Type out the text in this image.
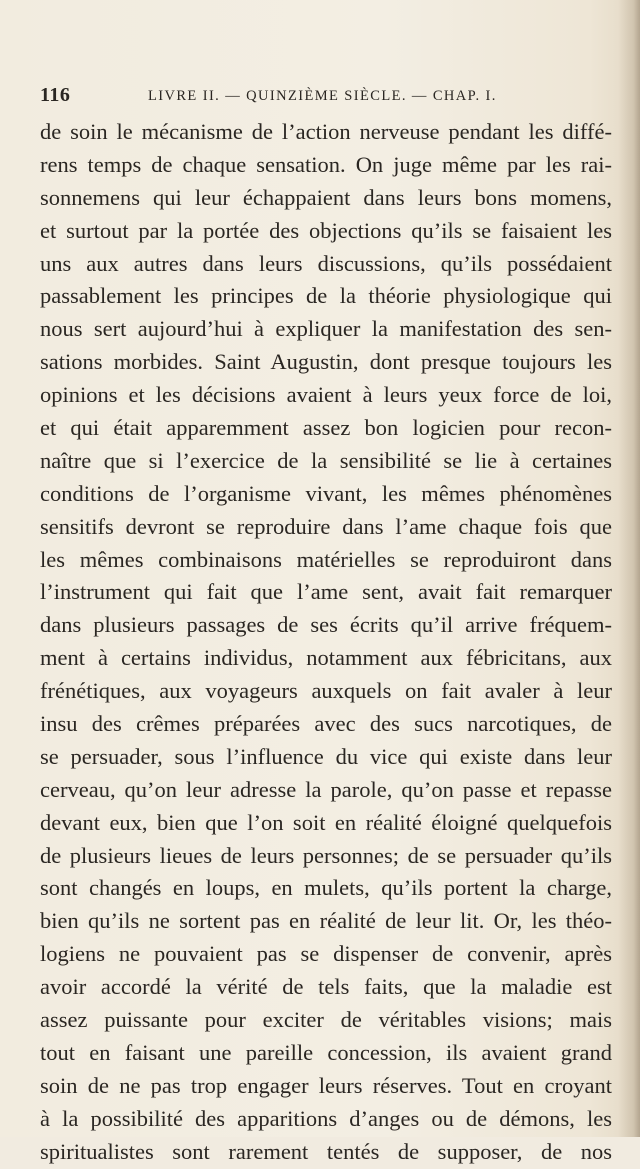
116	LIVRE II. — QUINZIÈME SIÈCLE. — CHAP. I.
de soin le mécanisme de l’action nerveuse pendant les diffé-
rens temps de chaque sensation. On juge même par les rai-
sonnemens qui leur échappaient dans leurs bons momens,
et surtout par la portée des objections qu’ils se faisaient les
uns aux autres dans leurs discussions, qu’ils possédaient
passablement les principes de la théorie physiologique qui
nous sert aujourd’hui à expliquer la manifestation des sen-
sations morbides. Saint Augustin, dont presque toujours les
opinions et les décisions avaient à leurs yeux force de loi,
et qui était apparemment assez bon logicien pour recon-
naître que si l’exercice de la sensibilité se lie à certaines
conditions de l’organisme vivant, les mêmes phénomènes
sensitifs devront se reproduire dans l’ame chaque fois que
les mêmes combinaisons matérielles se reproduiront dans
l’instrument qui fait que l’ame sent, avait fait remarquer
dans plusieurs passages de ses écrits qu’il arrive fréquem-
ment à certains individus, notamment aux fébricitans, aux
frénétiques, aux voyageurs auxquels on fait avaler à leur
insu des crêmes préparées avec des sucs narcotiques, de
se persuader, sous l’influence du vice qui existe dans leur
cerveau, qu’on leur adresse la parole, qu’on passe et repasse
devant eux, bien que l’on soit en réalité éloigné quelquefois
de plusieurs lieues de leurs personnes; de se persuader qu’ils
sont changés en loups, en mulets, qu’ils portent la charge,
bien qu’ils ne sortent pas en réalité de leur lit. Or, les théo-
logiens ne pouvaient pas se dispenser de convenir, après
avoir accordé la vérité de tels faits, que la maladie est
assez puissante pour exciter de véritables visions; mais
tout en faisant une pareille concession, ils avaient grand
soin de ne pas trop engager leurs réserves. Tout en croyant
à la possibilité des apparitions d’anges ou de démons, les
spiritualistes sont rarement tentés de supposer, de nos
